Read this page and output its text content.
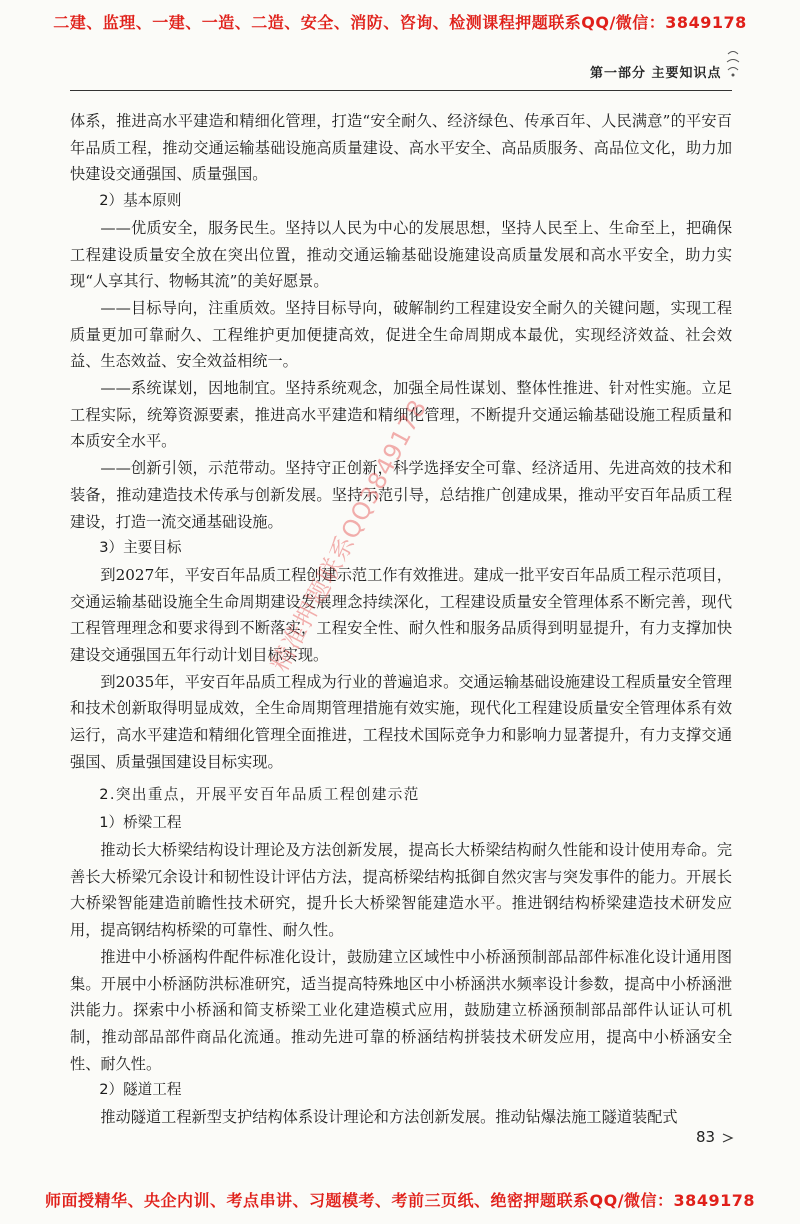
二建、监理、一建、一造、二造、安全、消防、咨询、检测课程押题联系QQ/微信：3849178
第一部分 主要知识点

体系，推进高水平建造和精细化管理，打造“安全耐久、经济绿色、传承百年、人民满意”的平安百年品质工程，推动交通运输基础设施高质量建设、高水平安全、高品质服务、高品位文化，助力加快建设交通强国、质量强国。

2）基本原则

——优质安全，服务民生。坚持以人民为中心的发展思想，坚持人民至上、生命至上，把确保工程建设质量安全放在突出位置，推动交通运输基础设施建设高质量发展和高水平安全，助力实现“人享其行、物畅其流”的美好愿景。

——目标导向，注重质效。坚持目标导向，破解制约工程建设安全耐久的关键问题，实现工程质量更加可靠耐久、工程维护更加便捷高效，促进全生命周期成本最优，实现经济效益、社会效益、生态效益、安全效益相统一。

——系统谋划，因地制宜。坚持系统观念，加强全局性谋划、整体性推进、针对性实施。立足工程实际，统筹资源要素，推进高水平建造和精细化管理，不断提升交通运输基础设施工程质量和本质安全水平。

——创新引领，示范带动。坚持守正创新，科学选择安全可靠、经济适用、先进高效的技术和装备，推动建造技术传承与创新发展。坚持示范引导，总结推广创建成果，推动平安百年品质工程建设，打造一流交通基础设施。

3）主要目标

到2027年，平安百年品质工程创建示范工作有效推进。建成一批平安百年品质工程示范项目，交通运输基础设施全生命周期建设发展理念持续深化，工程建设质量安全管理体系不断完善，现代工程管理理念和要求得到不断落实，工程安全性、耐久性和服务品质得到明显提升，有力支撑加快建设交通强国五年行动计划目标实现。

到2035年，平安百年品质工程成为行业的普遍追求。交通运输基础设施建设工程质量安全管理和技术创新取得明显成效，全生命周期管理措施有效实施，现代化工程建设质量安全管理体系有效运行，高水平建造和精细化管理全面推进，工程技术国际竞争力和影响力显著提升，有力支撑交通强国、质量强国建设目标实现。

2.突出重点，开展平安百年品质工程创建示范

1）桥梁工程

推动长大桥梁结构设计理论及方法创新发展，提高长大桥梁结构耐久性能和设计使用寿命。完善长大桥梁冗余设计和韧性设计评估方法，提高桥梁结构抵御自然灾害与突发事件的能力。开展长大桥梁智能建造前瞻性技术研究，提升长大桥梁智能建造水平。推进钢结构桥梁建造技术研发应用，提高钢结构桥梁的可靠性、耐久性。

推进中小桥涵构件配件标准化设计，鼓励建立区域性中小桥涵预制部品部件标准化设计通用图集。开展中小桥涵防洪标准研究，适当提高特殊地区中小桥涵洪水频率设计参数，提高中小桥涵泄洪能力。探索中小桥涵和简支桥梁工业化建造模式应用，鼓励建立桥涵预制部品部件认证认可机制，推动部品部件商品化流通。推动先进可靠的桥涵结构拼装技术研发应用，提高中小桥涵安全性、耐久性。

2）隧道工程

推动隧道工程新型支护结构体系设计理论和方法创新发展。推动钻爆法施工隧道装配式

精准押题联系QQ3849178
83
师面授精华、央企内训、考点串讲、习题模考、考前三页纸、绝密押题联系QQ/微信：3849178
